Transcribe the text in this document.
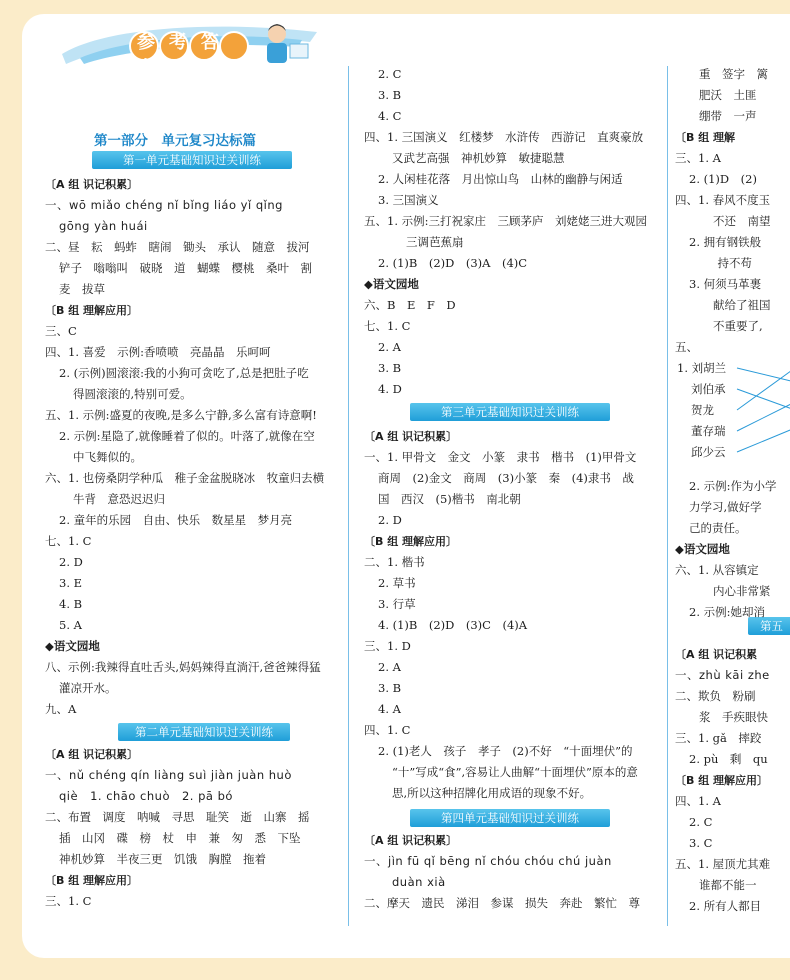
参考答案
第一部分　单元复习达标篇
第一单元基础知识过关训练
第二单元基础知识过关训练
第三单元基础知识过关训练
第四单元基础知识过关训练
第五
〔A 组 识记积累〕
一、wō miǎo chéng nǐ bǐng liáo yǐ qǐng
gōng yàn huái
二、昼　耘　蚂蚱　瞎闹　锄头　承认　随意　拔河
铲子　嗡嗡叫　破晓　道　蝴蝶　樱桃　桑叶　割
麦　拔草
〔B 组 理解应用〕
三、C
四、1. 喜爱　示例:香喷喷　亮晶晶　乐呵呵
2. (示例)圆滚滚:我的小狗可贪吃了,总是把肚子吃
得圆滚滚的,特别可爱。
五、1. 示例:盛夏的夜晚,是多么宁静,多么富有诗意啊!
2. 示例:星隐了,就像睡着了似的。叶落了,就像在空
中飞舞似的。
六、1. 也傍桑阴学种瓜　稚子金盆脱晓冰　牧童归去横
牛背　意恐迟迟归
2. 童年的乐园　自由、快乐　数星星　梦月亮
七、1. C
2. D
3. E
4. B
5. A
◆语文园地
八、示例:我辣得直吐舌头,妈妈辣得直淌汗,爸爸辣得猛
灌凉开水。
九、A
〔A 组 识记积累〕
一、nǔ chéng qín liàng suì jiàn juàn huò
qiè　1. chāo chuò　2. pā bó
二、布置　调度　呐喊　寻思　耻笑　逝　山寨　摇
插　山冈　碟　榜　杖　申　兼　匆　悉　下坠
神机妙算　半夜三更　饥饿　胸膛　拖着
〔B 组 理解应用〕
三、1. C
2. C
3. B
4. C
四、1. 三国演义　红楼梦　水浒传　西游记　直爽豪放
又武艺高强　神机妙算　敏捷聪慧
2. 人闲桂花落　月出惊山鸟　山林的幽静与闲适
3. 三国演义
五、1. 示例:三打祝家庄　三顾茅庐　刘姥姥三进大观园
三调芭蕉扇
2. (1)B　(2)D　(3)A　(4)C
◆语文园地
六、B　E　F　D
七、1. C
2. A
3. B
4. D
〔A 组 识记积累〕
一、1. 甲骨文　金文　小篆　隶书　楷书　(1)甲骨文
商周　(2)金文　商周　(3)小篆　秦　(4)隶书　战
国　西汉　(5)楷书　南北朝
2. D
〔B 组 理解应用〕
二、1. 楷书
2. 草书
3. 行草
4. (1)B　(2)D　(3)C　(4)A
三、1. D
2. A
3. B
4. A
四、1. C
2. (1)老人　孩子　孝子　(2)不好　“十面埋伏”的
“十”写成“食”,容易让人曲解“十面埋伏”原本的意
思,所以这种招牌化用成语的现象不好。
〔A 组 识记积累〕
一、jìn fū qǐ bēng nǐ chóu chóu chú juàn
duàn xià
二、摩天　遗民　涕泪　参谋　损失　奔赴　繁忙　尊
重　签字　篱
肥沃　土匪
绷带　一声
〔B 组 理解
三、1. A
2. (1)D　(2)
四、1. 春风不度玉
不还　南望
2. 拥有钢铁般
　　　持不苟
3. 何须马革裹
献给了祖国
不重要了,
五、
1. 刘胡兰
刘伯承
贺龙
董存瑞
邱少云
2. 示例:作为小学
力学习,做好学
己的责任。
◆语文园地
六、1. 从容镇定
内心非常紧
2. 示例:她却消
〔A 组 识记积累
一、zhù kāi zhe
二、欺负　粉刷
浆　手疾眼快
三、1. gǎ　摔跤
2. pù　剩　qu
〔B 组 理解应用〕
四、1. A
2. C
3. C
五、1. 屋顶尤其难
谁都不能一
2. 所有人都目
